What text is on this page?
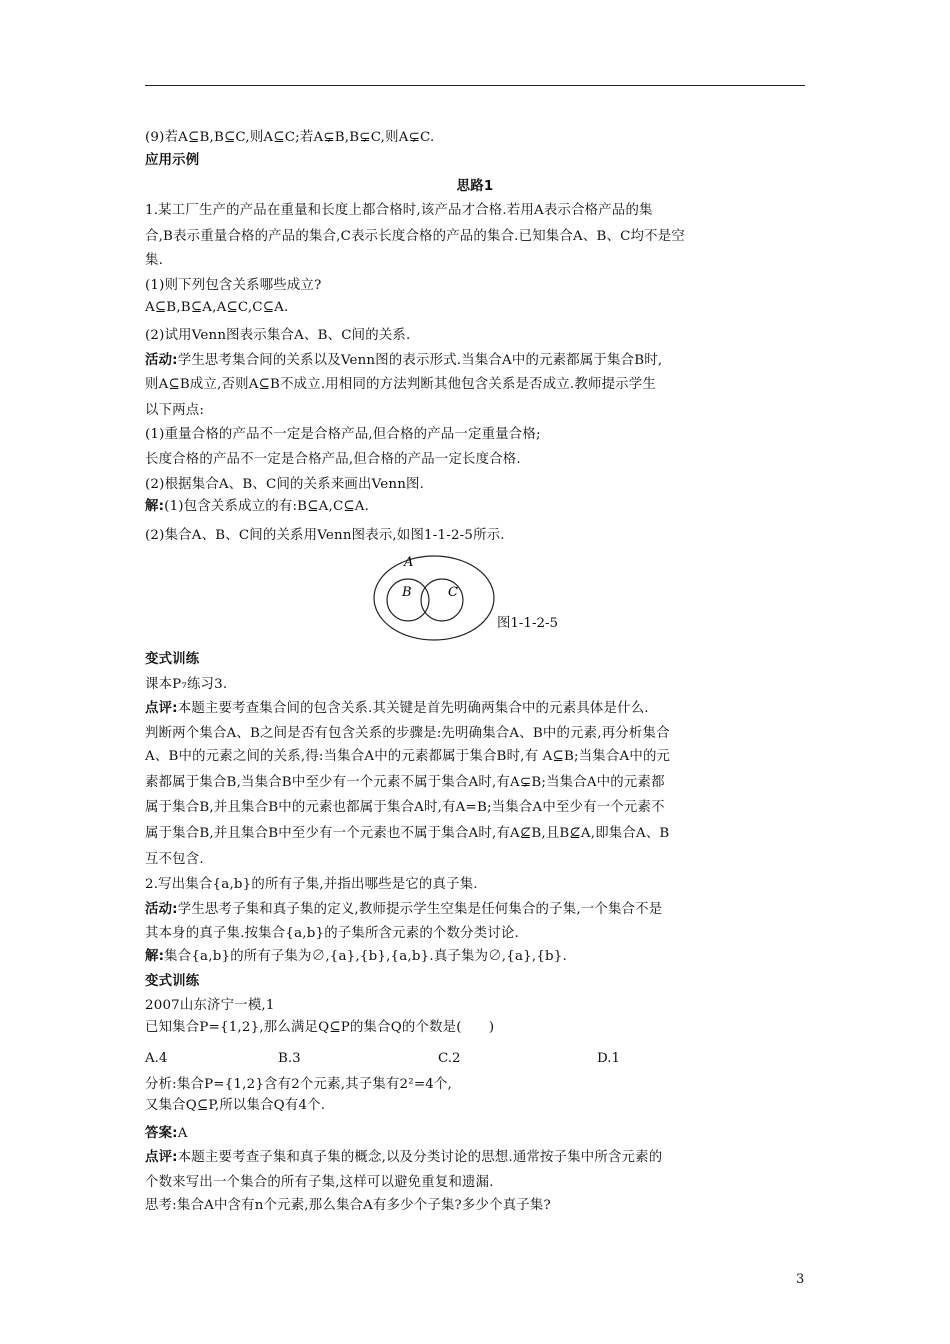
(9)若A⊆B,B⊆C,则A⊆C;若A⊊B,B⊊C,则A⊊C.
应用示例
思路1
1.某工厂生产的产品在重量和长度上都合格时,该产品才合格.若用A表示合格产品的集
合,B表示重量合格的产品的集合,C表示长度合格的产品的集合.已知集合A、B、C均不是空
集.
(1)则下列包含关系哪些成立?
A⊆B,B⊆A,A⊆C,C⊆A.
(2)试用Venn图表示集合A、B、C间的关系.
活动:学生思考集合间的关系以及Venn图的表示形式.当集合A中的元素都属于集合B时,
则A⊆B成立,否则A⊆B不成立.用相同的方法判断其他包含关系是否成立.教师提示学生
以下两点:
(1)重量合格的产品不一定是合格产品,但合格的产品一定重量合格;
长度合格的产品不一定是合格产品,但合格的产品一定长度合格.
(2)根据集合A、B、C间的关系来画出Venn图.
解:(1)包含关系成立的有:B⊆A,C⊆A.
(2)集合A、B、C间的关系用Venn图表示,如图1-1-2-5所示.
A
B	C
图1-1-2-5
变式训练
课本P₇练习3.
点评:本题主要考查集合间的包含关系.其关键是首先明确两集合中的元素具体是什么.
判断两个集合A、B之间是否有包含关系的步骤是:先明确集合A、B中的元素,再分析集合
A、B中的元素之间的关系,得:当集合A中的元素都属于集合B时,有 A⊆B;当集合A中的元
素都属于集合B,当集合B中至少有一个元素不属于集合A时,有A⊊B;当集合A中的元素都
属于集合B,并且集合B中的元素也都属于集合A时,有A=B;当集合A中至少有一个元素不
属于集合B,并且集合B中至少有一个元素也不属于集合A时,有A⊈B,且B⊈A,即集合A、B
互不包含.
2.写出集合{a,b}的所有子集,并指出哪些是它的真子集.
活动:学生思考子集和真子集的定义,教师提示学生空集是任何集合的子集,一个集合不是
其本身的真子集.按集合{a,b}的子集所含元素的个数分类讨论.
解:集合{a,b}的所有子集为∅,{a},{b},{a,b}.真子集为∅,{a},{b}.
变式训练
2007山东济宁一模,1
已知集合P={1,2},那么满足Q⊆P的集合Q的个数是(　　)
A.4	B.3	C.2	D.1
分析:集合P={1,2}含有2个元素,其子集有2²=4个,
又集合Q⊆P,所以集合Q有4个.
答案:A
点评:本题主要考查子集和真子集的概念,以及分类讨论的思想.通常按子集中所含元素的
个数来写出一个集合的所有子集,这样可以避免重复和遗漏.
思考:集合A中含有n个元素,那么集合A有多少个子集?多少个真子集?
3
